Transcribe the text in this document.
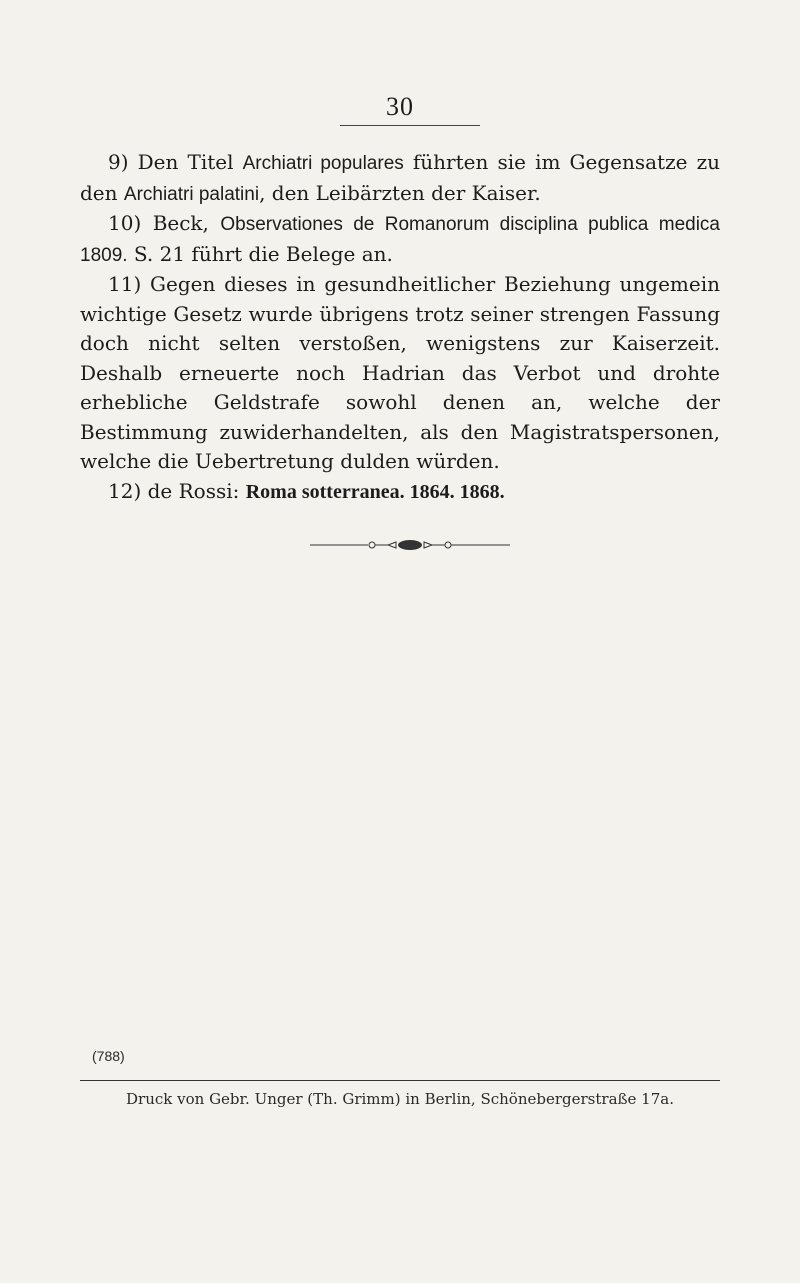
30

9) Den Titel Archiatri populares führten sie im Gegensatze zu den Archiatri palatini, den Leibärzten der Kaiser.

10) Beck, Observationes de Romanorum disciplina publica medica 1809. S. 21 führt die Belege an.

11) Gegen dieses in gesundheitlicher Beziehung ungemein wichtige Gesetz wurde übrigens trotz seiner strengen Fassung doch nicht selten verstoßen, wenigstens zur Kaiserzeit. Deshalb erneuerte noch Hadrian das Verbot und drohte erhebliche Geldstrafe sowohl denen an, welche der Bestimmung zuwiderhandelten, als den Magistratspersonen, welche die Uebertretung dulden würden.

12) de Rossi: Roma sotterranea. 1864. 1868.

(788)
Druck von Gebr. Unger (Th. Grimm) in Berlin, Schönebergerstraße 17a.
